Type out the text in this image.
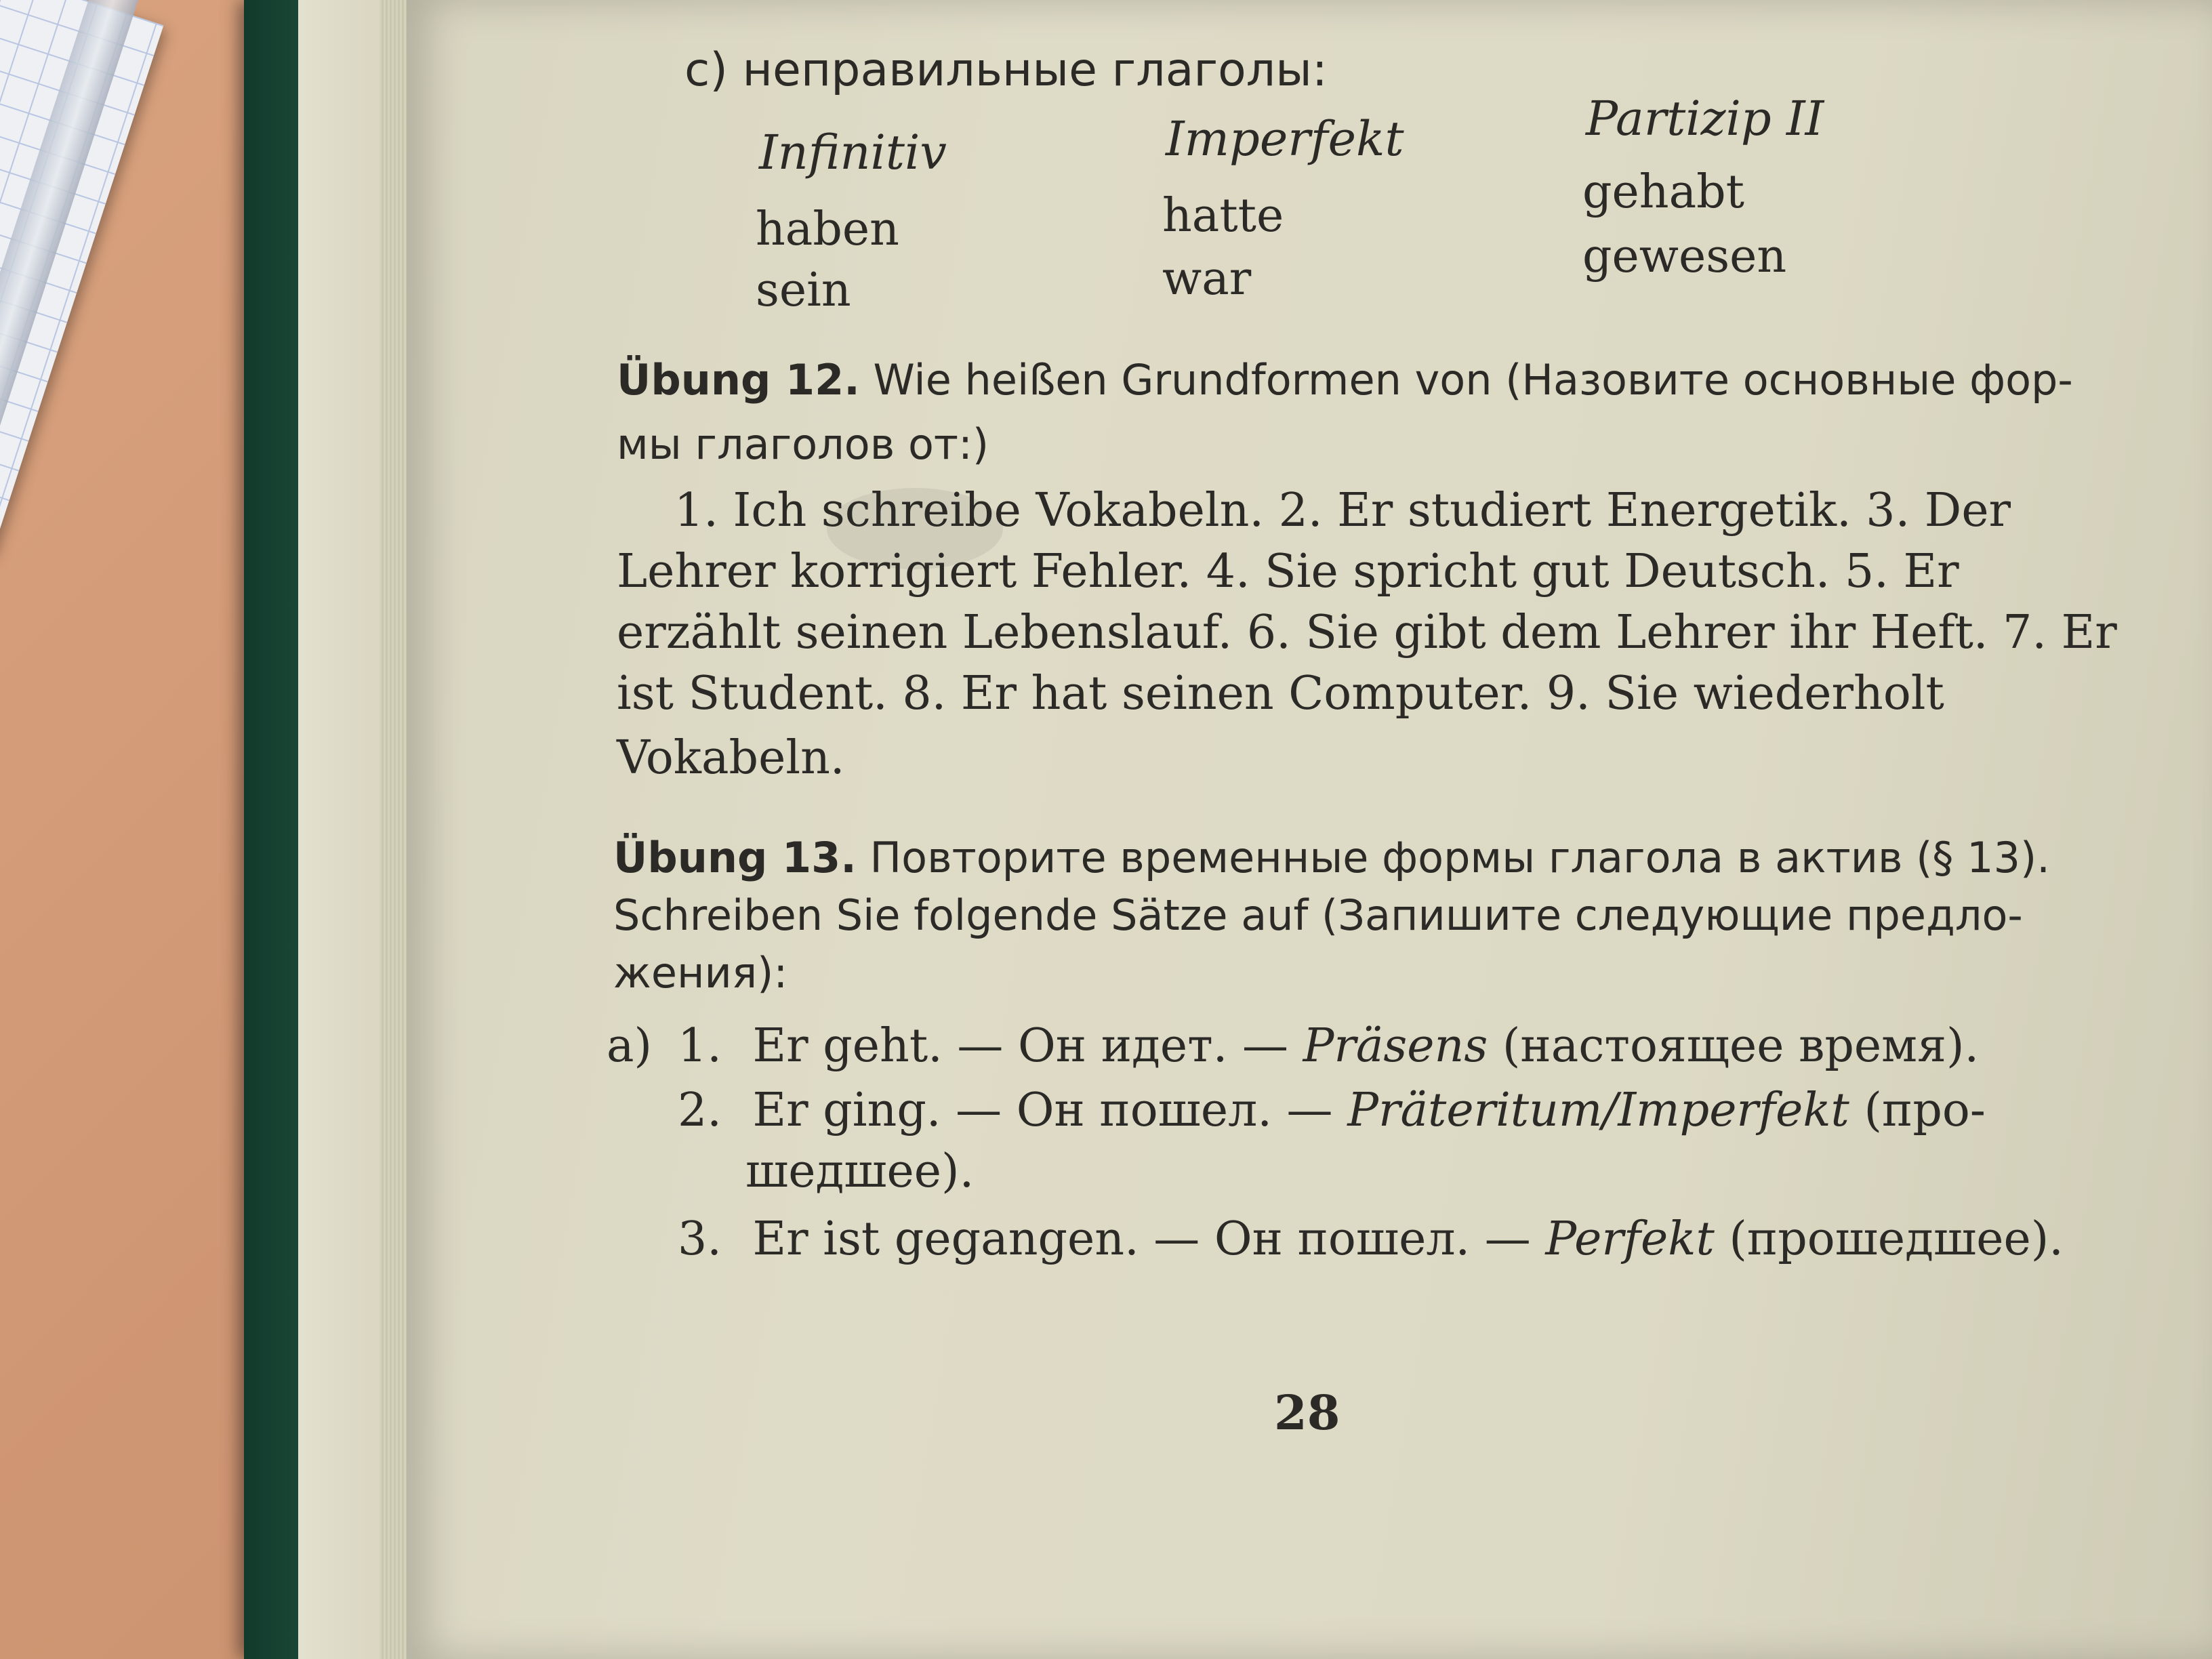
c) неправильные глаголы:
Infinitiv	Imperfekt	Partizip II
haben	hatte	gehabt
sein	war	gewesen
Übung 12. Wie heißen Grundformen von (Назовите основные фор-
мы глаголов от:)
1. Ich schreibe Vokabeln. 2. Er studiert Energetik. 3. Der
Lehrer korrigiert Fehler. 4. Sie spricht gut Deutsch. 5. Er
erzählt seinen Lebenslauf. 6. Sie gibt dem Lehrer ihr Heft. 7. Er
ist Student. 8. Er hat seinen Computer. 9. Sie wiederholt
Vokabeln.
Übung 13. Повторите временные формы глагола в актив (§ 13).
Schreiben Sie folgende Sätze auf (Запишите следующие предло-
жения):
a) 1. Er geht. — Он идет. — Präsens (настоящее время).
2. Er ging. — Он пошел. — Präteritum/Imperfekt (про-
шедшее).
3. Er ist gegangen. — Он пошел. — Perfekt (прошедшее).
28
